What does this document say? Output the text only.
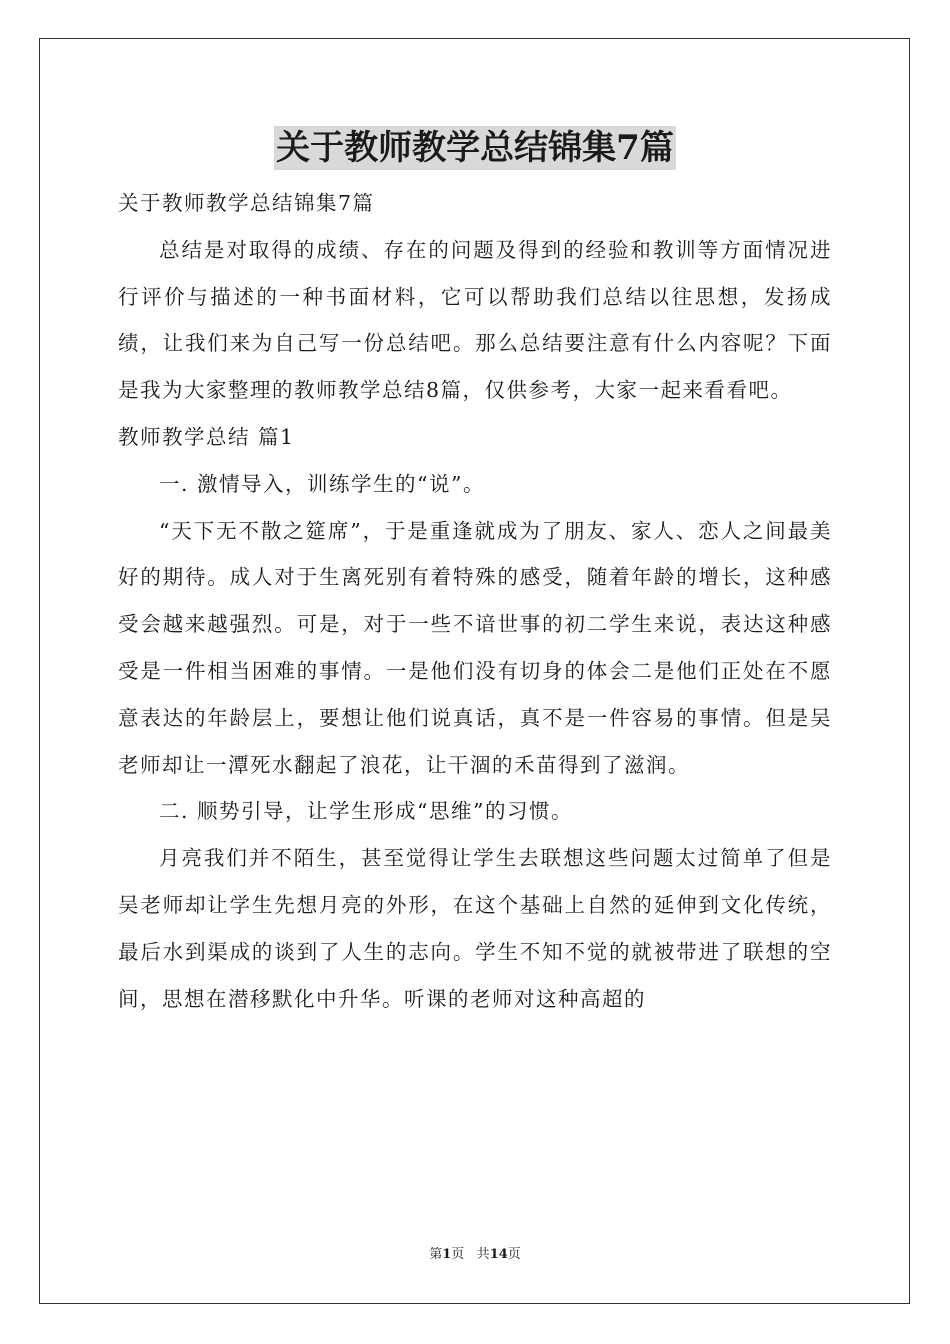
关于教师教学总结锦集7篇

关于教师教学总结锦集7篇

总结是对取得的成绩、存在的问题及得到的经验和教训等方面情况进行评价与描述的一种书面材料，它可以帮助我们总结以往思想，发扬成绩，让我们来为自己写一份总结吧。那么总结要注意有什么内容呢？下面是我为大家整理的教师教学总结8篇，仅供参考，大家一起来看看吧。

教师教学总结 篇1

一. 激情导入，训练学生的“说”。

“天下无不散之筵席”，于是重逢就成为了朋友、家人、恋人之间最美好的期待。成人对于生离死别有着特殊的感受，随着年龄的增长，这种感受会越来越强烈。可是，对于一些不谙世事的初二学生来说，表达这种感受是一件相当困难的事情。一是他们没有切身的体会二是他们正处在不愿意表达的年龄层上，要想让他们说真话，真不是一件容易的事情。但是吴老师却让一潭死水翻起了浪花，让干涸的禾苗得到了滋润。

二. 顺势引导，让学生形成“思维”的习惯。

月亮我们并不陌生，甚至觉得让学生去联想这些问题太过简单了但是吴老师却让学生先想月亮的外形，在这个基础上自然的延伸到文化传统，最后水到渠成的谈到了人生的志向。学生不知不觉的就被带进了联想的空间，思想在潜移默化中升华。听课的老师对这种高超的

第1页 共14页
